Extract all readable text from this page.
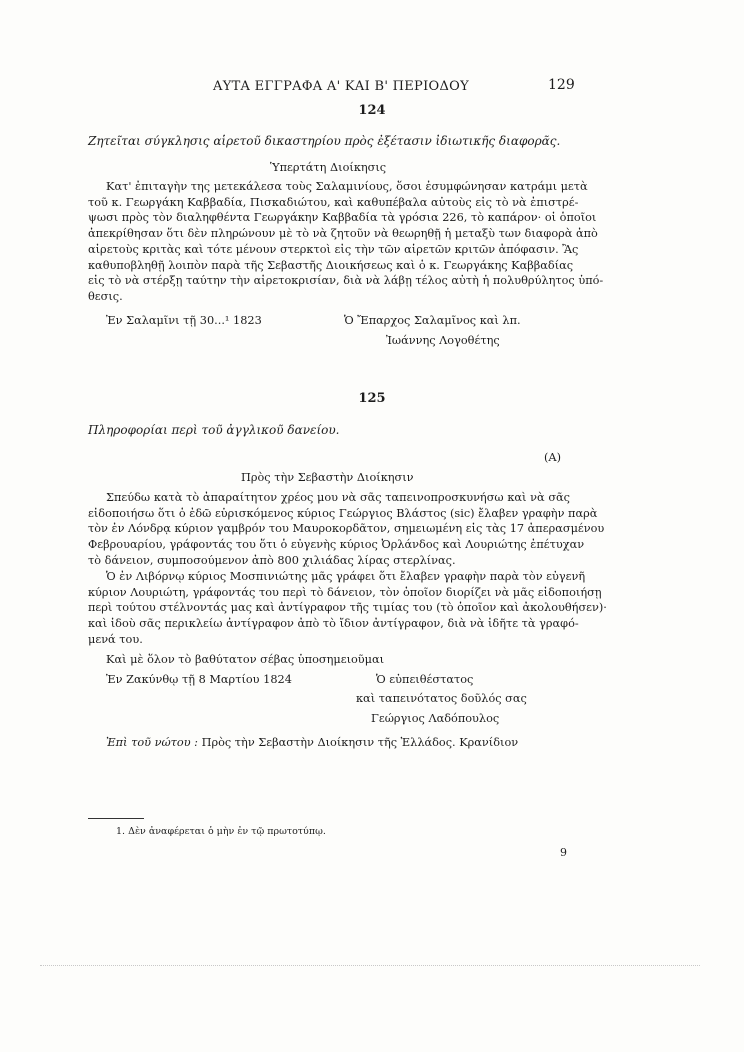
ΑΥΤΑ ΕΓΓΡΑΦΑ Α' ΚΑΙ Β' ΠΕΡΙΟΔΟΥ	129
124
Ζητεῖται σύγκλησις αἱρετοῦ δικαστηρίου πρὸς ἐξέτασιν ἰδιωτικῆς διαφορᾶς.
Ὑπερτάτη Διοίκησις
Κατ' ἐπιταγὴν της μετεκάλεσα τοὺς Σαλαμινίους, ὅσοι ἐσυμφώνησαν κατράμι μετὰ
τοῦ κ. Γεωργάκη Καββαδία, Πισκαδιώτου, καὶ καθυπέβαλα αὐτοὺς εἰς τὸ νὰ ἐπιστρέ-
ψωσι πρὸς τὸν διαληφθέντα Γεωργάκην Καββαδία τὰ γρόσια 226, τὸ καπάρον· οἱ ὁποῖοι
ἀπεκρίθησαν ὅτι δὲν πληρώνουν μὲ τὸ νὰ ζητοῦν νὰ θεωρηθῇ ἡ μεταξὺ των διαφορὰ ἀπὸ
αἱρετοὺς κριτὰς καὶ τότε μένουν στερκτοὶ εἰς τὴν τῶν αἱρετῶν κριτῶν ἀπόφασιν. Ἂς
καθυποβληθῇ λοιπὸν παρὰ τῆς Σεβαστῆς Διοικήσεως καὶ ὁ κ. Γεωργάκης Καββαδίας
εἰς τὸ νὰ στέρξῃ ταύτην τὴν αἱρετοκρισίαν, διὰ νὰ λάβῃ τέλος αὐτὴ ἡ πολυθρύλητος ὑπό-
θεσις.
Ἐν Σαλαμῖνι τῇ 30...¹ 1823	Ὁ Ἔπαρχος Σαλαμῖνος καὶ λπ.
Ἰωάννης Λογοθέτης
125
Πληροφορίαι περὶ τοῦ ἀγγλικοῦ δανείου.
(Α)
Πρὸς τὴν Σεβαστὴν Διοίκησιν
Σπεύδω κατὰ τὸ ἀπαραίτητον χρέος μου νὰ σᾶς ταπεινοπροσκυνήσω καὶ νὰ σᾶς
εἰδοποιήσω ὅτι ὁ ἐδῶ εὑρισκόμενος κύριος Γεώργιος Βλάστος (sic) ἔλαβεν γραφὴν παρὰ
τὸν ἐν Λόνδρᾳ κύριον γαμβρόν του Μαυροκορδᾶτον, σημειωμένη εἰς τὰς 17 ἀπερασμένου
Φεβρουαρίου, γράφοντάς του ὅτι ὁ εὐγενὴς κύριος Ὀρλάνδος καὶ Λουριώτης ἐπέτυχαν
τὸ δάνειον, συμποσούμενον ἀπὸ 800 χιλιάδας λίρας στερλίνας.
Ὁ ἐν Λιβόρνῳ κύριος Μοσπινιώτης μᾶς γράφει ὅτι ἔλαβεν γραφὴν παρὰ τὸν εὐγενῆ
κύριον Λουριώτη, γράφοντάς του περὶ τὸ δάνειον, τὸν ὁποῖον διορίζει νὰ μᾶς εἰδοποιήσῃ
περὶ τούτου στέλνοντάς μας καὶ ἀντίγραφον τῆς τιμίας του (τὸ ὁποῖον καὶ ἀκολουθήσεν)·
καὶ ἰδοὺ σᾶς περικλείω ἀντίγραφον ἀπὸ τὸ ἴδιον ἀντίγραφον, διὰ νὰ ἰδῆτε τὰ γραφό-
μενά του.
Καὶ μὲ ὅλον τὸ βαθύτατον σέβας ὑποσημειοῦμαι
Ἐν Ζακύνθῳ τῇ 8 Μαρτίου 1824	Ὁ εὐπειθέστατος
καὶ ταπεινότατος δοῦλός σας
Γεώργιος Λαδόπουλος
Ἐπὶ τοῦ νώτου : Πρὸς τὴν Σεβαστὴν Διοίκησιν τῆς Ἑλλάδος. Κρανίδιον
1. Δὲν ἀναφέρεται ὁ μὴν ἐν τῷ πρωτοτύπῳ.
9
